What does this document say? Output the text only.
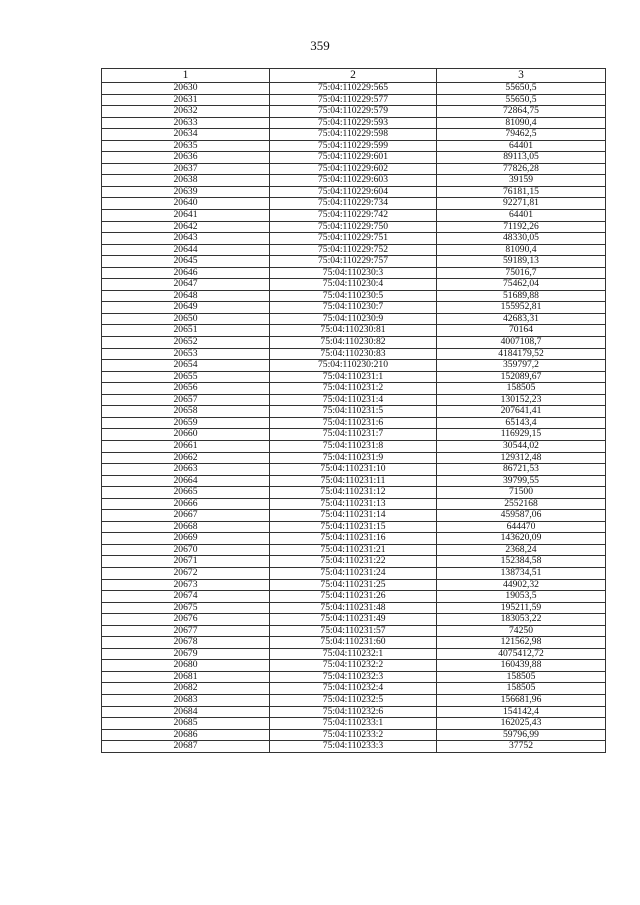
359
1	2	3
20630	75:04:110229:565	55650,5
20631	75:04:110229:577	55650,5
20632	75:04:110229:579	72864,75
20633	75:04:110229:593	81090,4
20634	75:04:110229:598	79462,5
20635	75:04:110229:599	64401
20636	75:04:110229:601	89113,05
20637	75:04:110229:602	77826,28
20638	75:04:110229:603	39159
20639	75:04:110229:604	76181,15
20640	75:04:110229:734	92271,81
20641	75:04:110229:742	64401
20642	75:04:110229:750	71192,26
20643	75:04:110229:751	48330,05
20644	75:04:110229:752	81090,4
20645	75:04:110229:757	59189,13
20646	75:04:110230:3	75016,7
20647	75:04:110230:4	75462,04
20648	75:04:110230:5	51689,88
20649	75:04:110230:7	155952,81
20650	75:04:110230:9	42683,31
20651	75:04:110230:81	70164
20652	75:04:110230:82	4007108,7
20653	75:04:110230:83	4184179,52
20654	75:04:110230:210	359797,2
20655	75:04:110231:1	152089,67
20656	75:04:110231:2	158505
20657	75:04:110231:4	130152,23
20658	75:04:110231:5	207641,41
20659	75:04:110231:6	65143,4
20660	75:04:110231:7	116929,15
20661	75:04:110231:8	30544,02
20662	75:04:110231:9	129312,48
20663	75:04:110231:10	86721,53
20664	75:04:110231:11	39799,55
20665	75:04:110231:12	71500
20666	75:04:110231:13	2552168
20667	75:04:110231:14	459587,06
20668	75:04:110231:15	644470
20669	75:04:110231:16	143620,09
20670	75:04:110231:21	2368,24
20671	75:04:110231:22	152384,58
20672	75:04:110231:24	138734,51
20673	75:04:110231:25	44902,32
20674	75:04:110231:26	19053,5
20675	75:04:110231:48	195211,59
20676	75:04:110231:49	183053,22
20677	75:04:110231:57	74250
20678	75:04:110231:60	121562,98
20679	75:04:110232:1	4075412,72
20680	75:04:110232:2	160439,88
20681	75:04:110232:3	158505
20682	75:04:110232:4	158505
20683	75:04:110232:5	156681,96
20684	75:04:110232:6	154142,4
20685	75:04:110233:1	162025,43
20686	75:04:110233:2	59796,99
20687	75:04:110233:3	37752
